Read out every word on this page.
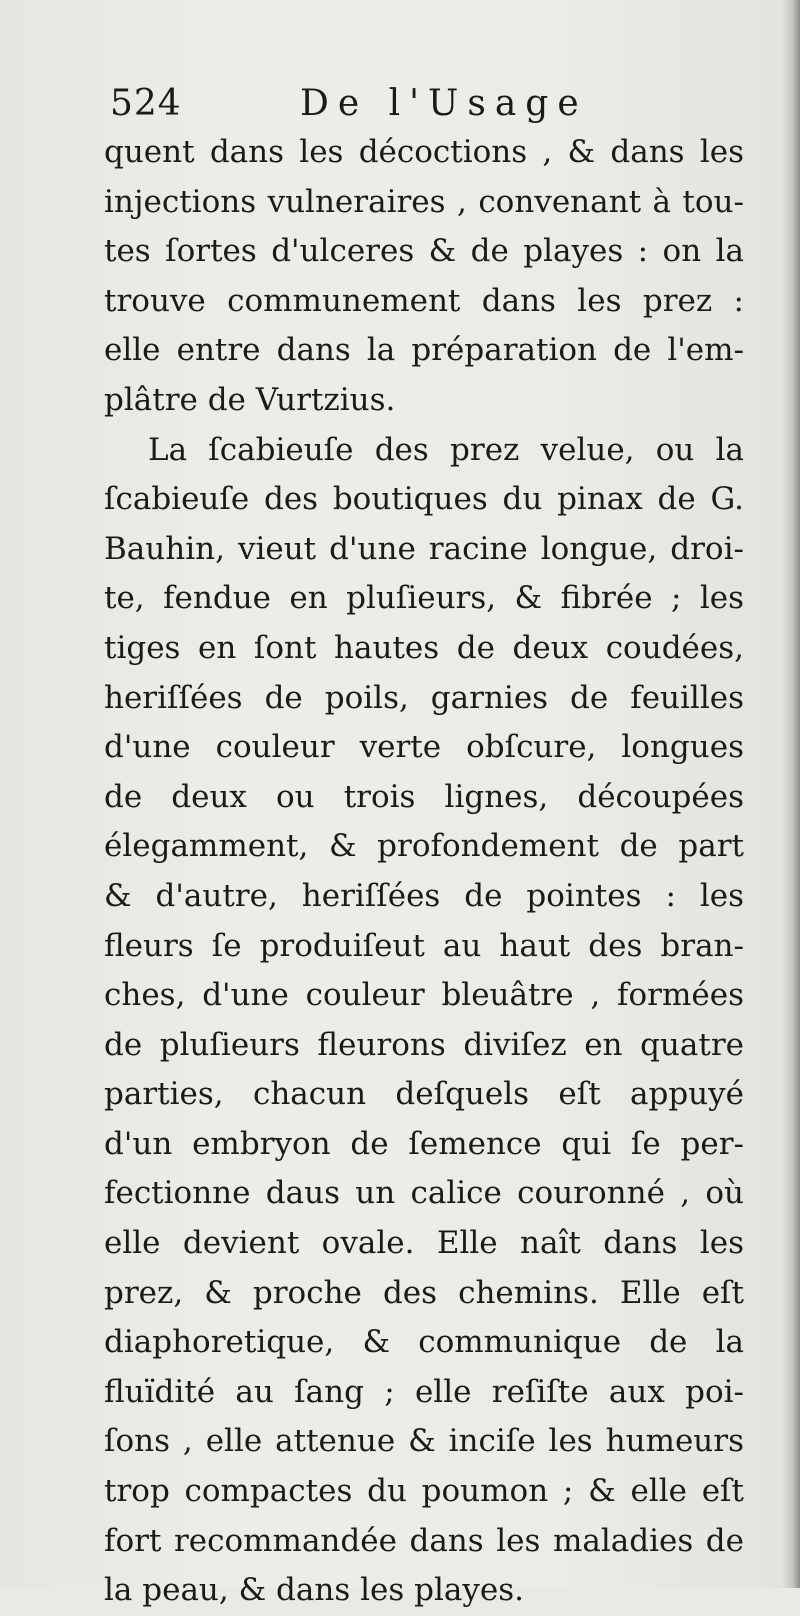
524	De l'Usage
quent dans les décoctions , & dans les
injections vulneraires , convenant à tou-
tes ſortes d'ulceres & de playes : on la
trouve communement dans les prez :
elle entre dans la préparation de l'em-
plâtre de Vurtzius.
La ſcabieuſe des prez velue, ou la
ſcabieuſe des boutiques du pinax de G.
Bauhin, vieut d'une racine longue, droi-
te, fendue en pluſieurs, & fibrée ; les
tiges en ſont hautes de deux coudées,
heriſſées de poils, garnies de feuilles
d'une couleur verte obſcure, longues
de deux ou trois lignes, découpées
élegamment, & profondement de part
& d'autre, heriſſées de pointes : les
fleurs ſe produiſeut au haut des bran-
ches, d'une couleur bleuâtre , formées
de pluſieurs fleurons diviſez en quatre
parties, chacun deſquels eſt appuyé
d'un embryon de ſemence qui ſe per-
fectionne daus un calice couronné , où
elle devient ovale. Elle naît dans les
prez, & proche des chemins. Elle eſt
diaphoretique, & communique de la
fluïdité au ſang ; elle reſiſte aux poi-
ſons , elle attenue & inciſe les humeurs
trop compactes du poumon ; & elle eſt
fort recommandée dans les maladies de
la peau, & dans les playes.
